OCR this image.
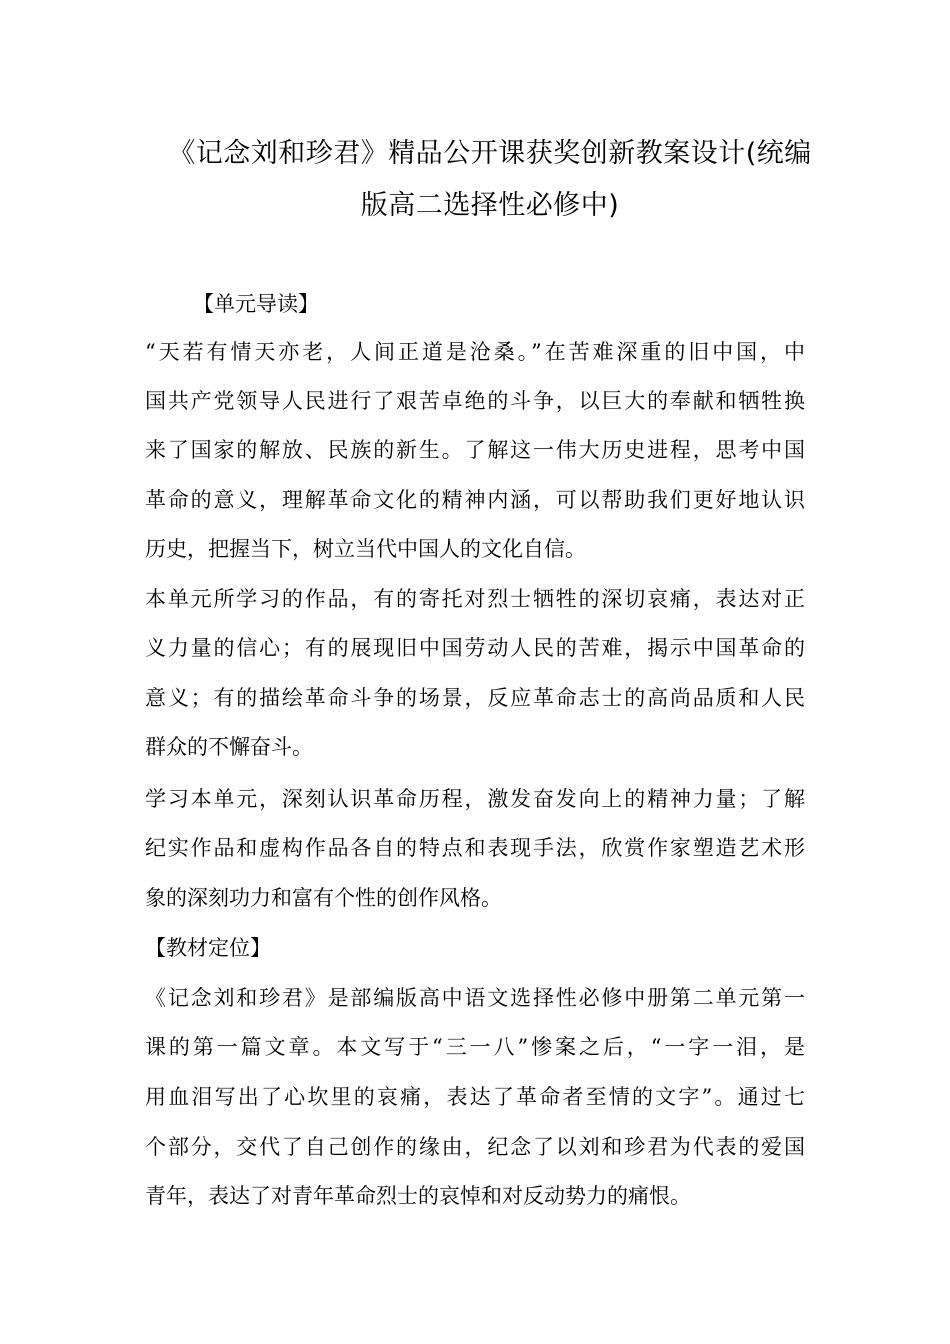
《记念刘和珍君》精品公开课获奖创新教案设计(统编
版高二选择性必修中)
【单元导读】
“天若有情天亦老，人间正道是沧桑。”在苦难深重的旧中国，中
国共产党领导人民进行了艰苦卓绝的斗争，以巨大的奉献和牺牲换
来了国家的解放、民族的新生。了解这一伟大历史进程，思考中国
革命的意义，理解革命文化的精神内涵，可以帮助我们更好地认识
历史，把握当下，树立当代中国人的文化自信。
本单元所学习的作品，有的寄托对烈士牺牲的深切哀痛，表达对正
义力量的信心；有的展现旧中国劳动人民的苦难，揭示中国革命的
意义；有的描绘革命斗争的场景，反应革命志士的高尚品质和人民
群众的不懈奋斗。
学习本单元，深刻认识革命历程，激发奋发向上的精神力量；了解
纪实作品和虚构作品各自的特点和表现手法，欣赏作家塑造艺术形
象的深刻功力和富有个性的创作风格。
【教材定位】
《记念刘和珍君》是部编版高中语文选择性必修中册第二单元第一
课的第一篇文章。本文写于“三一八”惨案之后，“一字一泪，是
用血泪写出了心坎里的哀痛，表达了革命者至情的文字”。通过七
个部分，交代了自己创作的缘由，纪念了以刘和珍君为代表的爱国
青年，表达了对青年革命烈士的哀悼和对反动势力的痛恨。
